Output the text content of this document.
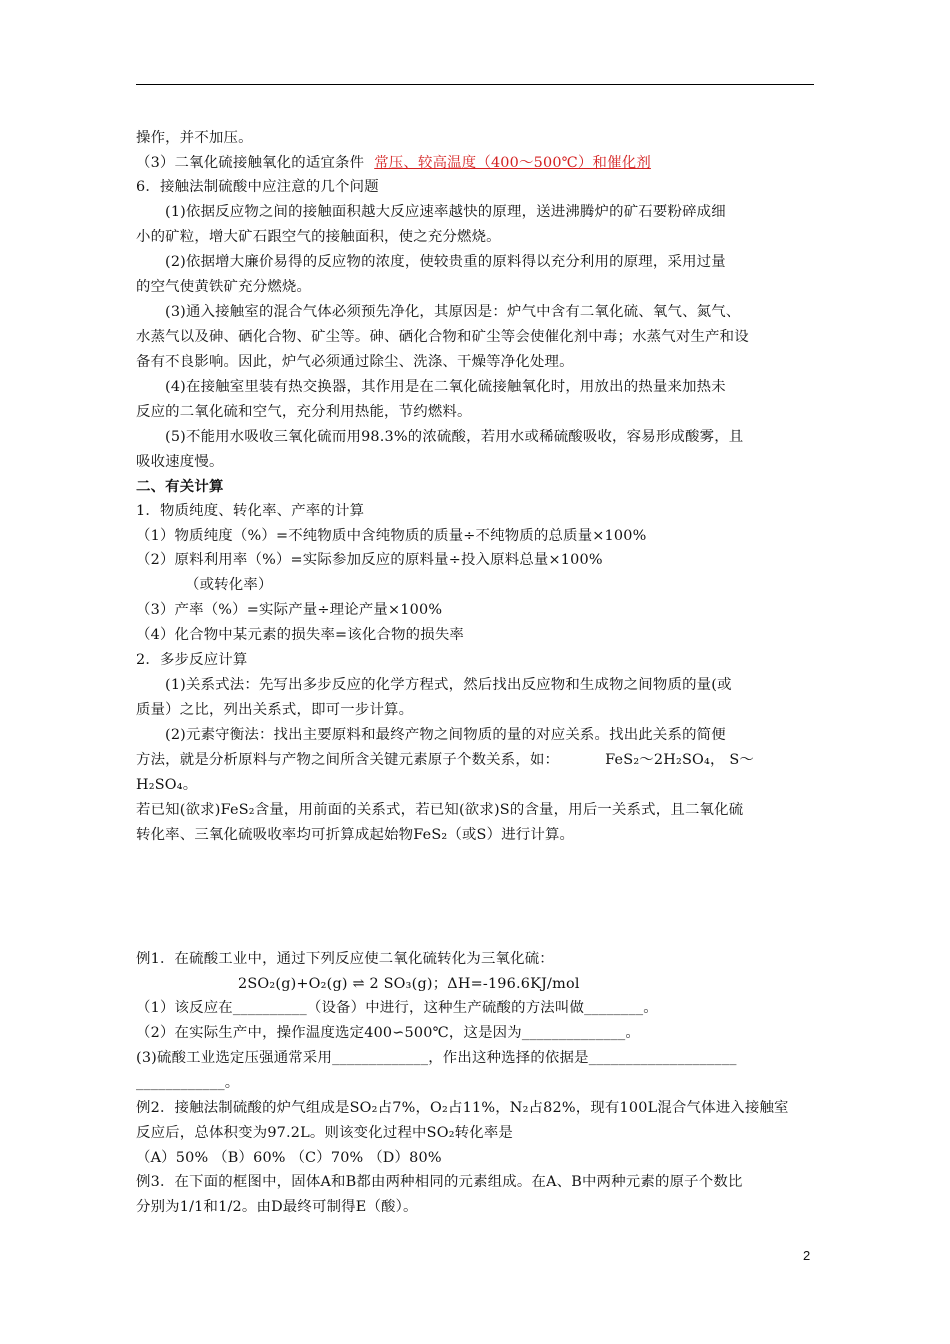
操作，并不加压。
（3）二氧化硫接触氧化的适宜条件 常压、较高温度（400～500℃）和催化剂
6．接触法制硫酸中应注意的几个问题
(1)依据反应物之间的接触面积越大反应速率越快的原理，送进沸腾炉的矿石要粉碎成细
小的矿粒，增大矿石跟空气的接触面积，使之充分燃烧。
(2)依据增大廉价易得的反应物的浓度，使较贵重的原料得以充分利用的原理，采用过量
的空气使黄铁矿充分燃烧。
(3)通入接触室的混合气体必须预先净化，其原因是：炉气中含有二氧化硫、氧气、氮气、
水蒸气以及砷、硒化合物、矿尘等。砷、硒化合物和矿尘等会使催化剂中毒；水蒸气对生产和设
备有不良影响。因此，炉气必须通过除尘、洗涤、干燥等净化处理。
(4)在接触室里装有热交换器，其作用是在二氧化硫接触氧化时，用放出的热量来加热未
反应的二氧化硫和空气，充分利用热能，节约燃料。
(5)不能用水吸收三氧化硫而用98.3%的浓硫酸，若用水或稀硫酸吸收，容易形成酸雾，且
吸收速度慢。
二、有关计算
1．物质纯度、转化率、产率的计算
（1）物质纯度（%）=不纯物质中含纯物质的质量÷不纯物质的总质量×100%
（2）原料利用率（%）=实际参加反应的原料量÷投入原料总量×100%
（或转化率）
（3）产率（%）=实际产量÷理论产量×100%
（4）化合物中某元素的损失率=该化合物的损失率
2．多步反应计算
(1)关系式法：先写出多步反应的化学方程式，然后找出反应物和生成物之间物质的量(或
质量）之比，列出关系式，即可一步计算。
(2)元素守衡法：找出主要原料和最终产物之间物质的量的对应关系。找出此关系的简便
方法，就是分析原料与产物之间所含关键元素原子个数关系，如：	FeS₂～2H₂SO₄， S～
H₂SO₄。
若已知(欲求)FeS₂含量，用前面的关系式，若已知(欲求)S的含量，用后一关系式，且二氧化硫
转化率、三氧化硫吸收率均可折算成起始物FeS₂（或S）进行计算。
例1．在硫酸工业中，通过下列反应使二氧化硫转化为三氧化硫：
2SO₂(g)+O₂(g) ⇌ 2 SO₃(g)；ΔH=-196.6KJ/mol
（1）该反应在__________（设备）中进行，这种生产硫酸的方法叫做________。
（2）在实际生产中，操作温度选定400∽500℃，这是因为______________。
(3)硫酸工业选定压强通常采用_____________，作出这种选择的依据是____________________
____________。
例2．接触法制硫酸的炉气组成是SO₂占7%，O₂占11%，N₂占82%，现有100L混合气体进入接触室
反应后，总体积变为97.2L。则该变化过程中SO₂转化率是
（A）50% （B）60% （C）70% （D）80%
例3．在下面的框图中，固体A和B都由两种相同的元素组成。在A、B中两种元素的原子个数比
分别为1/1和1/2。由D最终可制得E（酸）。
2
